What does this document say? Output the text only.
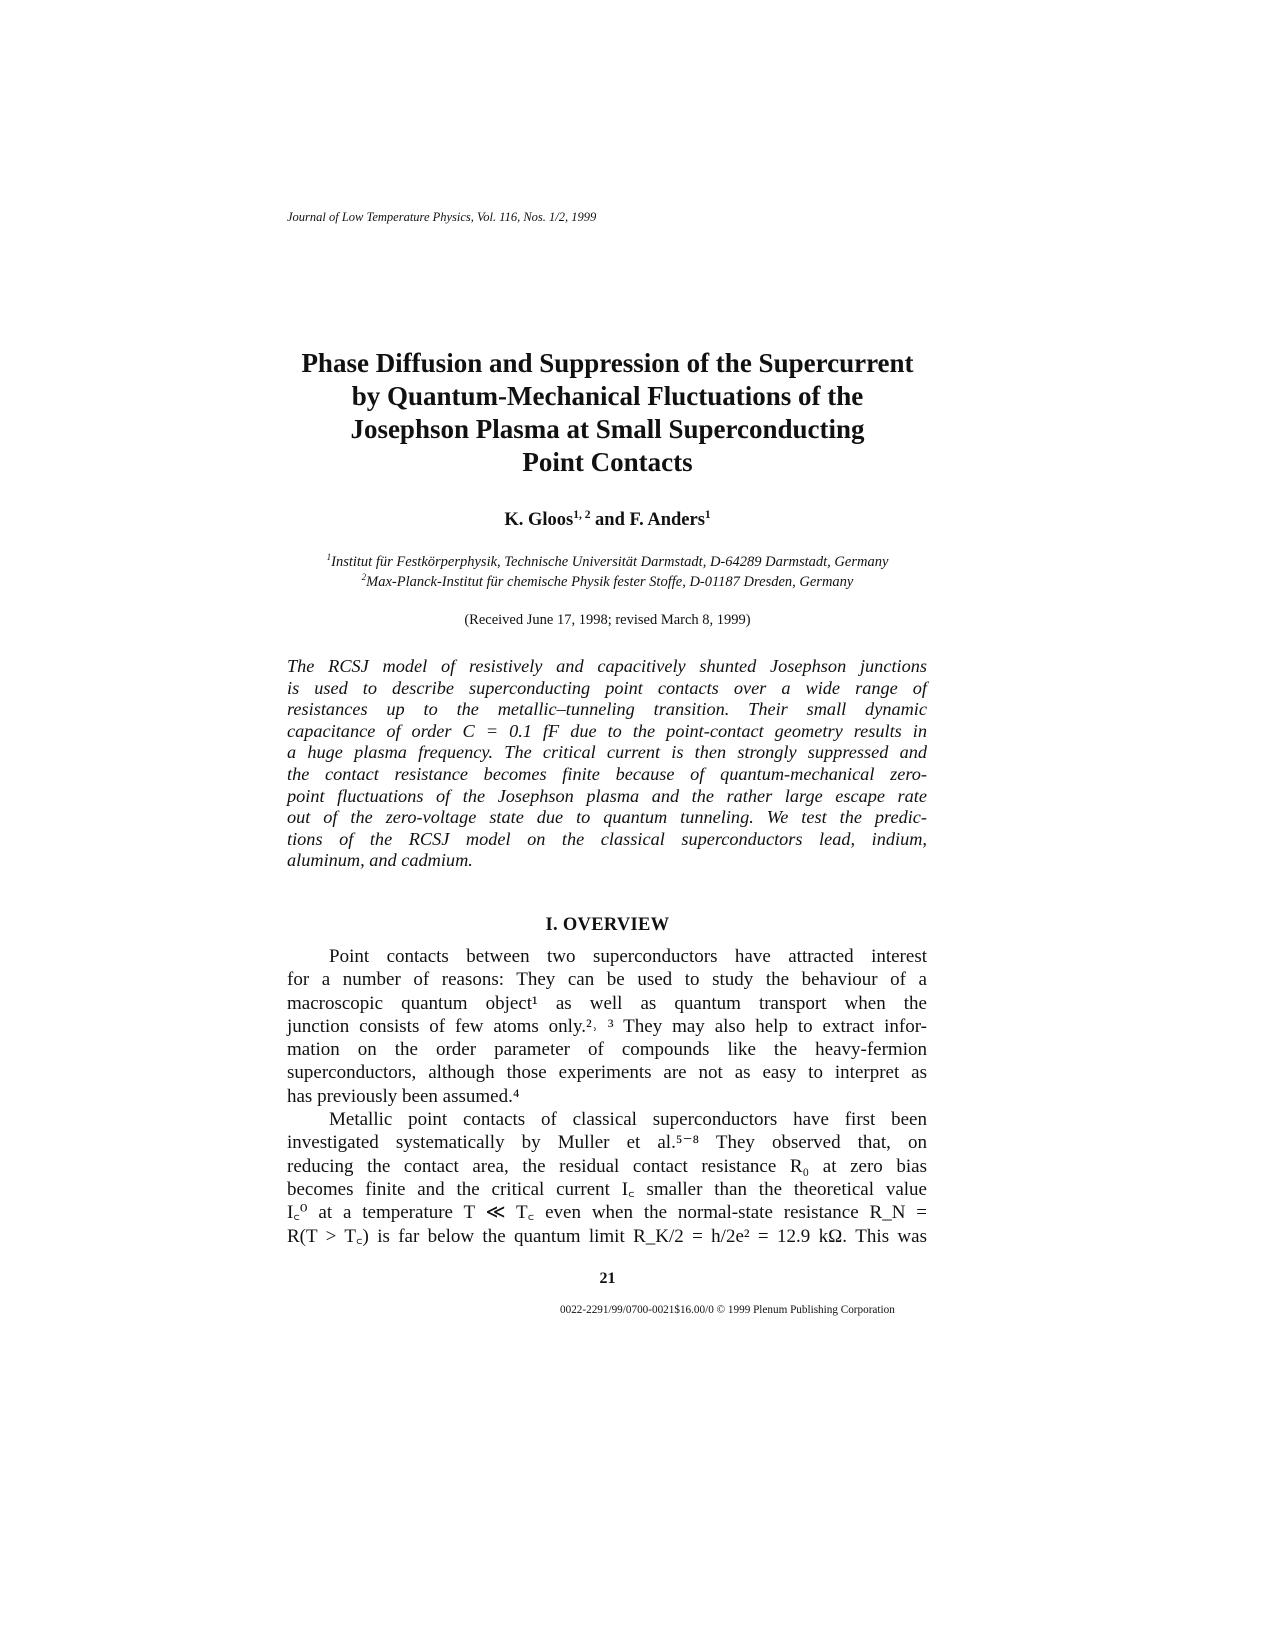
Journal of Low Temperature Physics, Vol. 116, Nos. 1/2, 1999
Phase Diffusion and Suppression of the Supercurrent
by Quantum-Mechanical Fluctuations of the
Josephson Plasma at Small Superconducting
Point Contacts
K. Gloos$^{1, 2}$ and F. Anders$^1$
$^1$Institut für Festkörperphysik, Technische Universität Darmstadt, D-64289 Darmstadt, Germany
$^2$Max-Planck-Institut für chemische Physik fester Stoffe, D-01187 Dresden, Germany
(Received June 17, 1998; revised March 8, 1999)
The RCSJ model of resistively and capacitively shunted Josephson junctions
is used to describe superconducting point contacts over a wide range of
resistances up to the metallic–tunneling transition. Their small dynamic
capacitance of order C = 0.1 fF due to the point-contact geometry results in
a huge plasma frequency. The critical current is then strongly suppressed and
the contact resistance becomes finite because of quantum-mechanical zero-
point fluctuations of the Josephson plasma and the rather large escape rate
out of the zero-voltage state due to quantum tunneling. We test the predic-
tions of the RCSJ model on the classical superconductors lead, indium,
aluminum, and cadmium.
I. OVERVIEW
Point contacts between two superconductors have attracted interest
for a number of reasons: They can be used to study the behaviour of a
macroscopic quantum object¹ as well as quantum transport when the
junction consists of few atoms only.²˒ ³ They may also help to extract infor-
mation on the order parameter of compounds like the heavy-fermion
superconductors, although those experiments are not as easy to interpret as
has previously been assumed.⁴
Metallic point contacts of classical superconductors have first been
investigated systematically by Muller et al.⁵⁻⁸ They observed that, on
reducing the contact area, the residual contact resistance R₀ at zero bias
becomes finite and the critical current I꜀ smaller than the theoretical value
I꜀⁰ at a temperature T ≪ T꜀ even when the normal-state resistance R_N =
R(T > T꜀) is far below the quantum limit R_K/2 = h/2e² = 12.9 kΩ. This was
21
0022-2291/99/0700-0021$16.00/0 © 1999 Plenum Publishing Corporation
